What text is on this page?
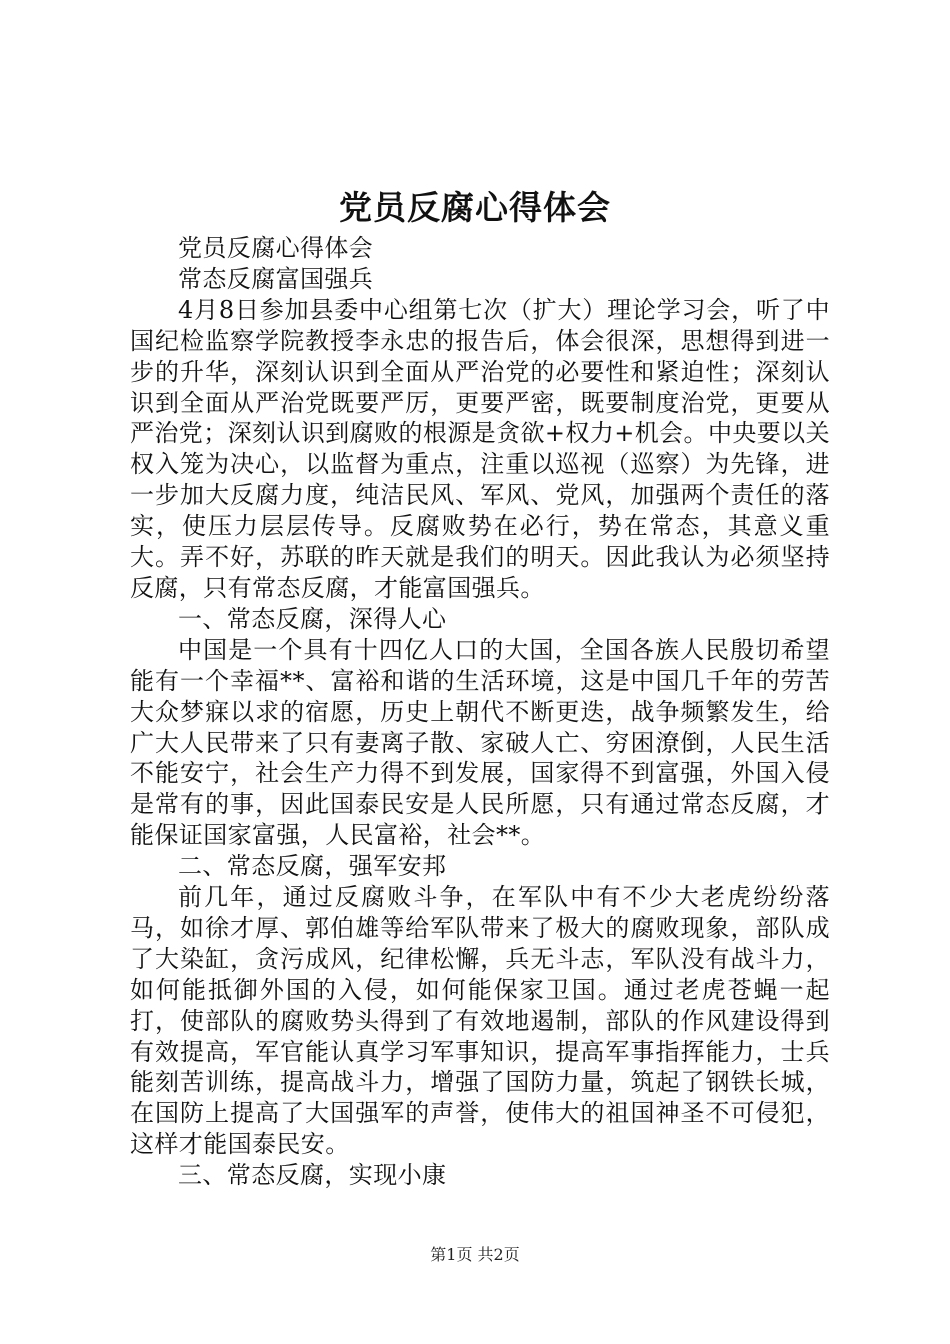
党员反腐心得体会

党员反腐心得体会

常态反腐富国强兵

4月8日参加县委中心组第七次（扩大）理论学习会，听了中国纪检监察学院教授李永忠的报告后，体会很深，思想得到进一步的升华，深刻认识到全面从严治党的必要性和紧迫性；深刻认识到全面从严治党既要严厉，更要严密，既要制度治党，更要从严治党；深刻认识到腐败的根源是贪欲+权力+机会。中央要以关权入笼为决心，以监督为重点，注重以巡视（巡察）为先锋，进一步加大反腐力度，纯洁民风、军风、党风，加强两个责任的落实，使压力层层传导。反腐败势在必行，势在常态，其意义重大。弄不好，苏联的昨天就是我们的明天。因此我认为必须坚持反腐，只有常态反腐，才能富国强兵。

一、常态反腐，深得人心

中国是一个具有十四亿人口的大国，全国各族人民殷切希望能有一个幸福**、富裕和谐的生活环境，这是中国几千年的劳苦大众梦寐以求的宿愿，历史上朝代不断更迭，战争频繁发生，给广大人民带来了只有妻离子散、家破人亡、穷困潦倒，人民生活不能安宁，社会生产力得不到发展，国家得不到富强，外国入侵是常有的事，因此国泰民安是人民所愿，只有通过常态反腐，才能保证国家富强，人民富裕，社会**。

二、常态反腐，强军安邦

前几年，通过反腐败斗争，在军队中有不少大老虎纷纷落马，如徐才厚、郭伯雄等给军队带来了极大的腐败现象，部队成了大染缸，贪污成风，纪律松懈，兵无斗志，军队没有战斗力，如何能抵御外国的入侵，如何能保家卫国。通过老虎苍蝇一起打，使部队的腐败势头得到了有效地遏制，部队的作风建设得到有效提高，军官能认真学习军事知识，提高军事指挥能力，士兵能刻苦训练，提高战斗力，增强了国防力量，筑起了钢铁长城，在国防上提高了大国强军的声誉，使伟大的祖国神圣不可侵犯，这样才能国泰民安。

三、常态反腐，实现小康

第1页 共2页
